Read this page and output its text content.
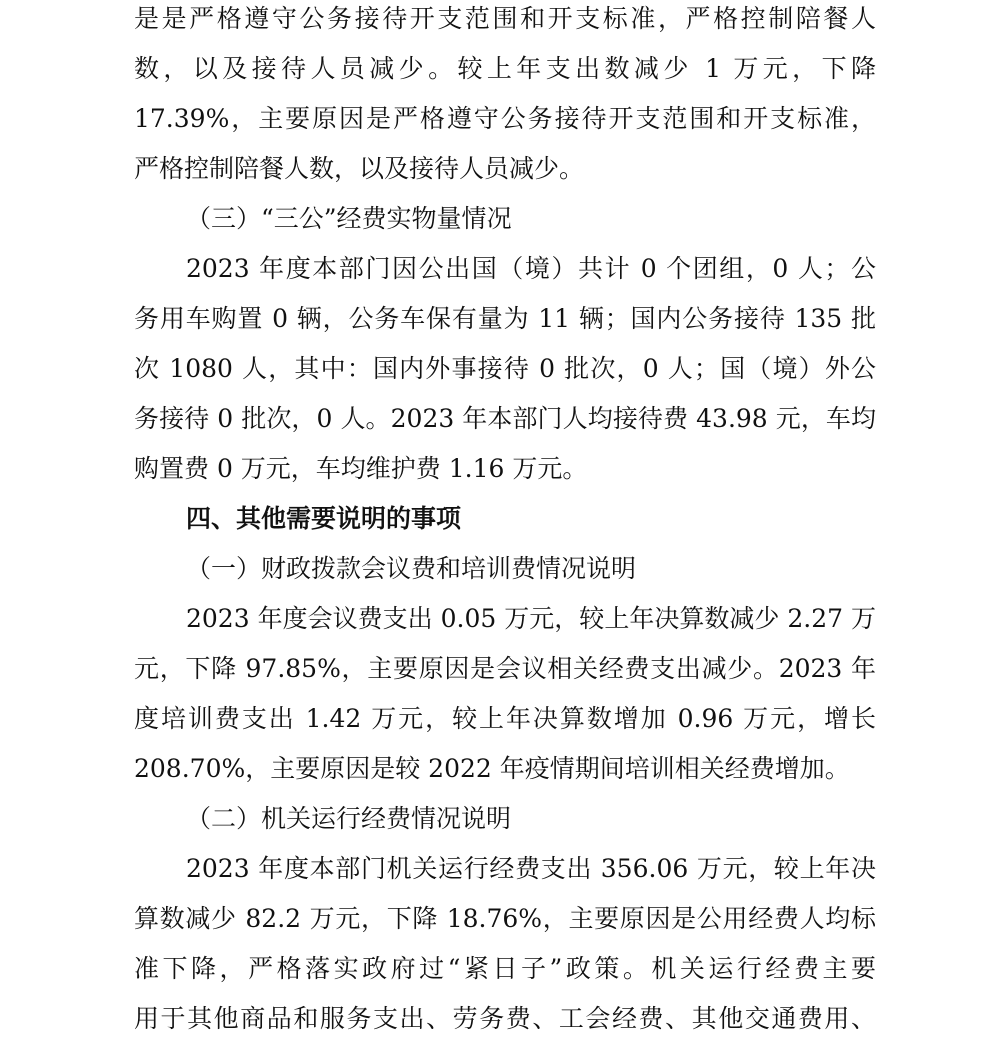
是是严格遵守公务接待开支范围和开支标准，严格控制陪餐人
数，以及接待人员减少。较上年支出数减少 1 万元，下降
17.39%，主要原因是严格遵守公务接待开支范围和开支标准，
严格控制陪餐人数，以及接待人员减少。
（三）“三公”经费实物量情况
2023 年度本部门因公出国（境）共计 0 个团组，0 人；公
务用车购置 0 辆，公务车保有量为 11 辆；国内公务接待 135 批
次 1080 人，其中：国内外事接待 0 批次，0 人；国（境）外公
务接待 0 批次，0 人。2023 年本部门人均接待费 43.98 元，车均
购置费 0 万元，车均维护费 1.16 万元。
四、其他需要说明的事项
（一）财政拨款会议费和培训费情况说明
2023 年度会议费支出 0.05 万元，较上年决算数减少 2.27 万
元，下降 97.85%，主要原因是会议相关经费支出减少。2023 年
度培训费支出 1.42 万元，较上年决算数增加 0.96 万元，增长
208.70%，主要原因是较 2022 年疫情期间培训相关经费增加。
（二）机关运行经费情况说明
2023 年度本部门机关运行经费支出 356.06 万元，较上年决
算数减少 82.2 万元，下降 18.76%，主要原因是公用经费人均标
准下降，严格落实政府过“紧日子”政策。机关运行经费主要
用于其他商品和服务支出、劳务费、工会经费、其他交通费用、
